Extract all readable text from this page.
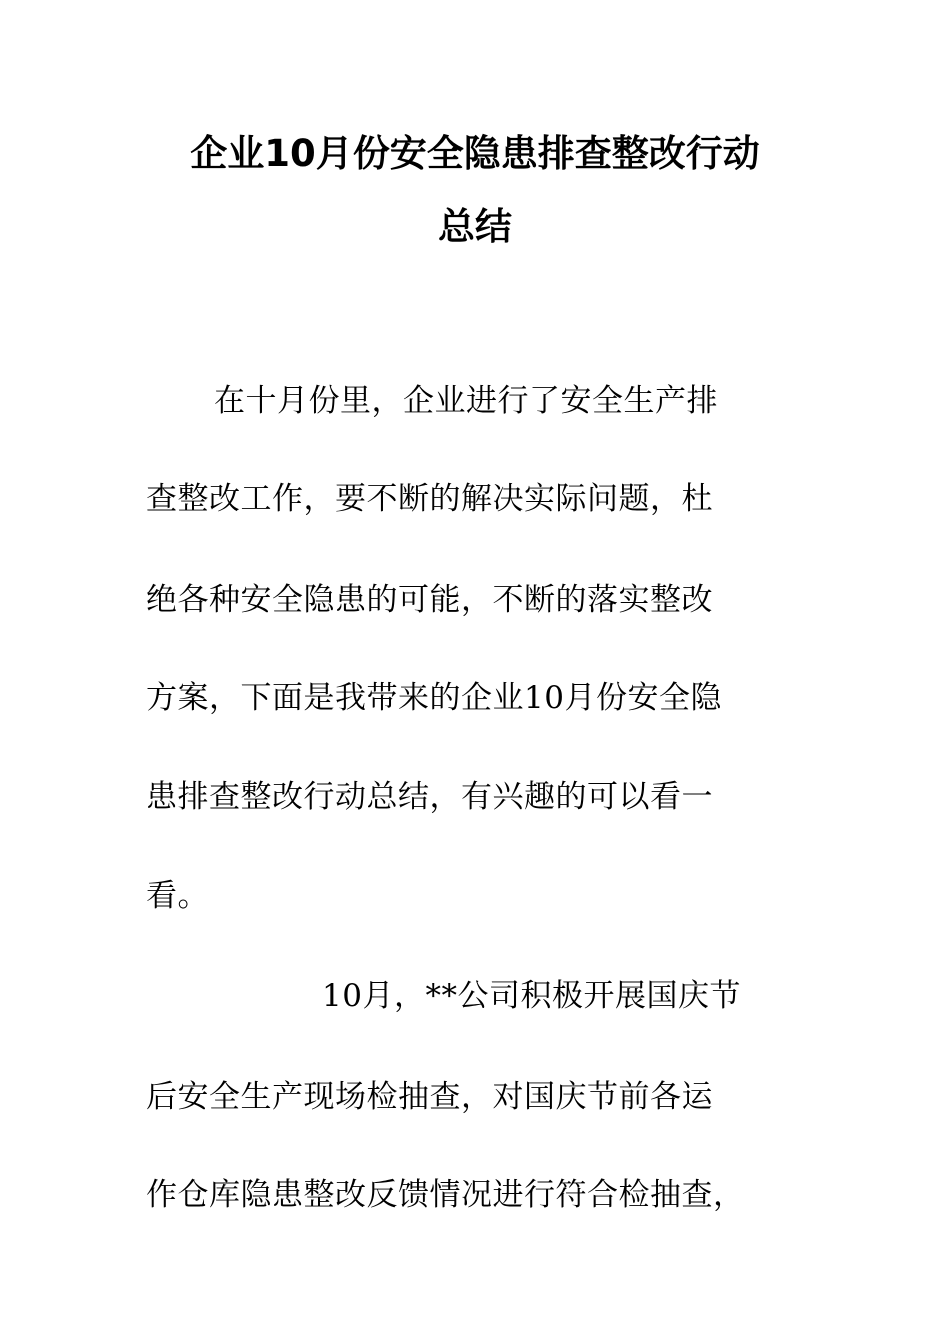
企业10月份安全隐患排查整改行动
总结
在十月份里，企业进行了安全生产排
查整改工作，要不断的解决实际问题，杜
绝各种安全隐患的可能，不断的落实整改
方案，下面是我带来的企业10月份安全隐
患排查整改行动总结，有兴趣的可以看一
看。
10月，**公司积极开展国庆节
后安全生产现场检抽查，对国庆节前各运
作仓库隐患整改反馈情况进行符合检抽查，
